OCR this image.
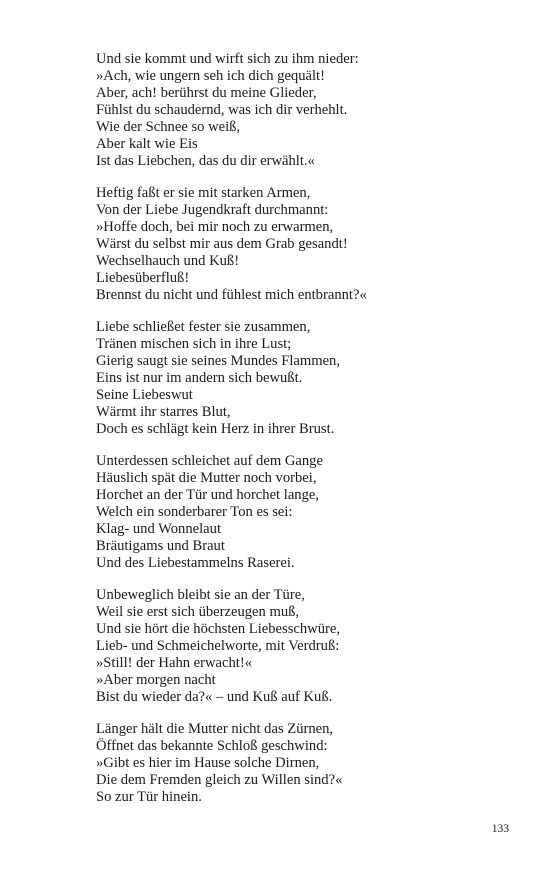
Und sie kommt und wirft sich zu ihm nieder:
»Ach, wie ungern seh ich dich gequält!
Aber, ach! berührst du meine Glieder,
Fühlst du schaudernd, was ich dir verhehlt.
Wie der Schnee so weiß,
Aber kalt wie Eis
Ist das Liebchen, das du dir erwählt.«
Heftig faßt er sie mit starken Armen,
Von der Liebe Jugendkraft durchmannt:
»Hoffe doch, bei mir noch zu erwarmen,
Wärst du selbst mir aus dem Grab gesandt!
Wechselhauch und Kuß!
Liebesüberfluß!
Brennst du nicht und fühlest mich entbrannt?«
Liebe schließet fester sie zusammen,
Tränen mischen sich in ihre Lust;
Gierig saugt sie seines Mundes Flammen,
Eins ist nur im andern sich bewußt.
Seine Liebeswut
Wärmt ihr starres Blut,
Doch es schlägt kein Herz in ihrer Brust.
Unterdessen schleichet auf dem Gange
Häuslich spät die Mutter noch vorbei,
Horchet an der Tür und horchet lange,
Welch ein sonderbarer Ton es sei:
Klag- und Wonnelaut
Bräutigams und Braut
Und des Liebestammelns Raserei.
Unbeweglich bleibt sie an der Türe,
Weil sie erst sich überzeugen muß,
Und sie hört die höchsten Liebesschwüre,
Lieb- und Schmeichelworte, mit Verdruß:
»Still! der Hahn erwacht!«
»Aber morgen nacht
Bist du wieder da?« – und Kuß auf Kuß.
Länger hält die Mutter nicht das Zürnen,
Öffnet das bekannte Schloß geschwind:
»Gibt es hier im Hause solche Dirnen,
Die dem Fremden gleich zu Willen sind?«
So zur Tür hinein.
133
